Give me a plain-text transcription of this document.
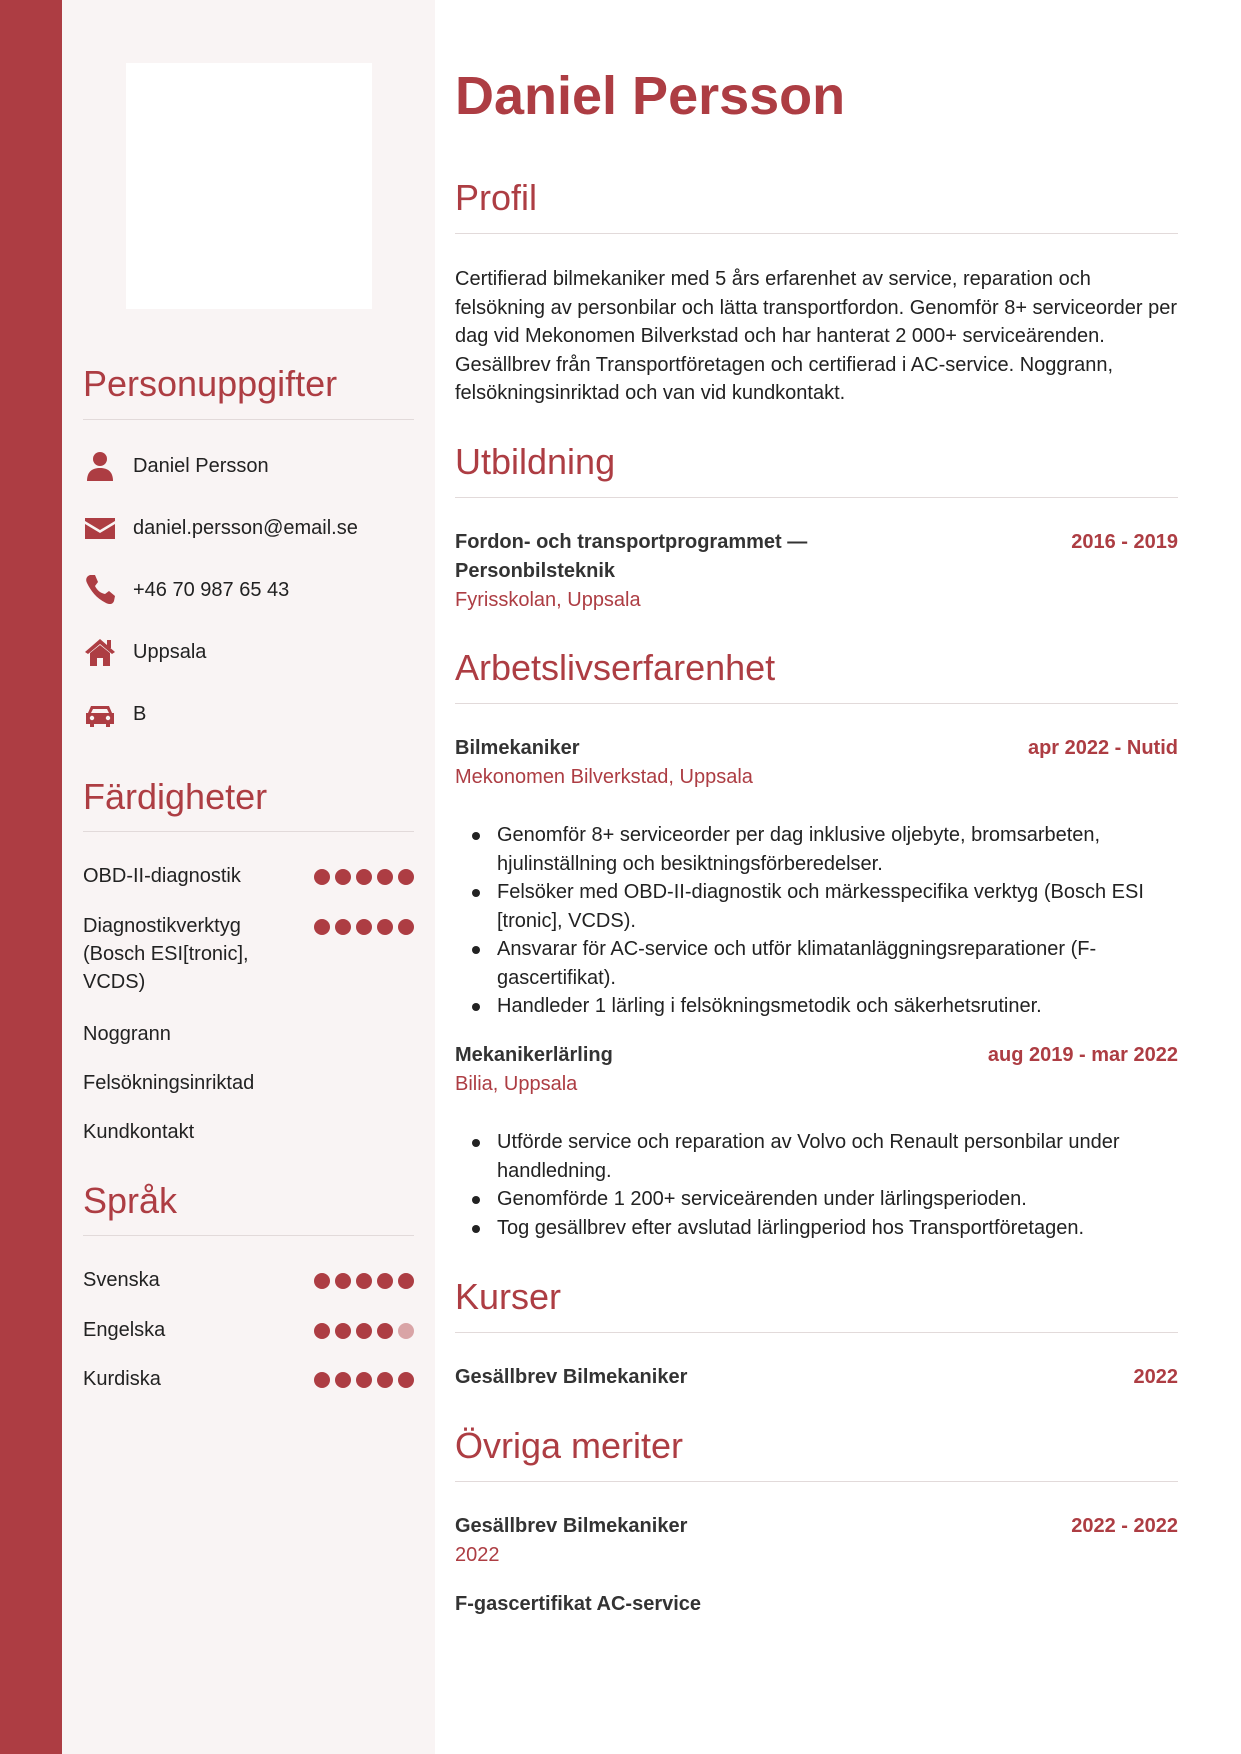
Personuppgifter
Daniel Persson
daniel.persson@email.se
+46 70 987 65 43
Uppsala
B
Färdigheter
OBD-II-diagnostik
Diagnostikverktyg (Bosch ESI[tronic], VCDS)
Noggrann
Felsökningsinriktad
Kundkontakt
Språk
Svenska
Engelska
Kurdiska
Daniel Persson
Profil

Certifierad bilmekaniker med 5 års erfarenhet av service, reparation och felsökning av personbilar och lätta transportfordon. Genomför 8+ serviceorder per dag vid Mekonomen Bilverkstad och har hanterat 2 000+ serviceärenden. Gesällbrev från Transportföretagen och certifierad i AC-service. Noggrann, felsökningsinriktad och van vid kundkontakt.

Utbildning
Fordon- och transportprogrammet — Personbilsteknik
2016 - 2019
Fyrisskolan, Uppsala
Arbetslivserfarenhet
Bilmekaniker	apr 2022 - Nutid
Mekonomen Bilverkstad, Uppsala
Genomför 8+ serviceorder per dag inklusive oljebyte, bromsarbeten, hjulinställning och besiktningsförberedelser.
Felsöker med OBD-II-diagnostik och märkesspecifika verktyg (Bosch ESI [tronic], VCDS).
Ansvarar för AC-service och utför klimatanläggningsreparationer (F-gascertifikat).
Handleder 1 lärling i felsökningsmetodik och säkerhetsrutiner.
Mekanikerlärling	aug 2019 - mar 2022
Bilia, Uppsala
Utförde service och reparation av Volvo och Renault personbilar under handledning.
Genomförde 1 200+ serviceärenden under lärlingsperioden.
Tog gesällbrev efter avslutad lärlingperiod hos Transportföretagen.
Kurser
Gesällbrev Bilmekaniker	2022
Övriga meriter
Gesällbrev Bilmekaniker	2022 - 2022
2022
F-gascertifikat AC-service
